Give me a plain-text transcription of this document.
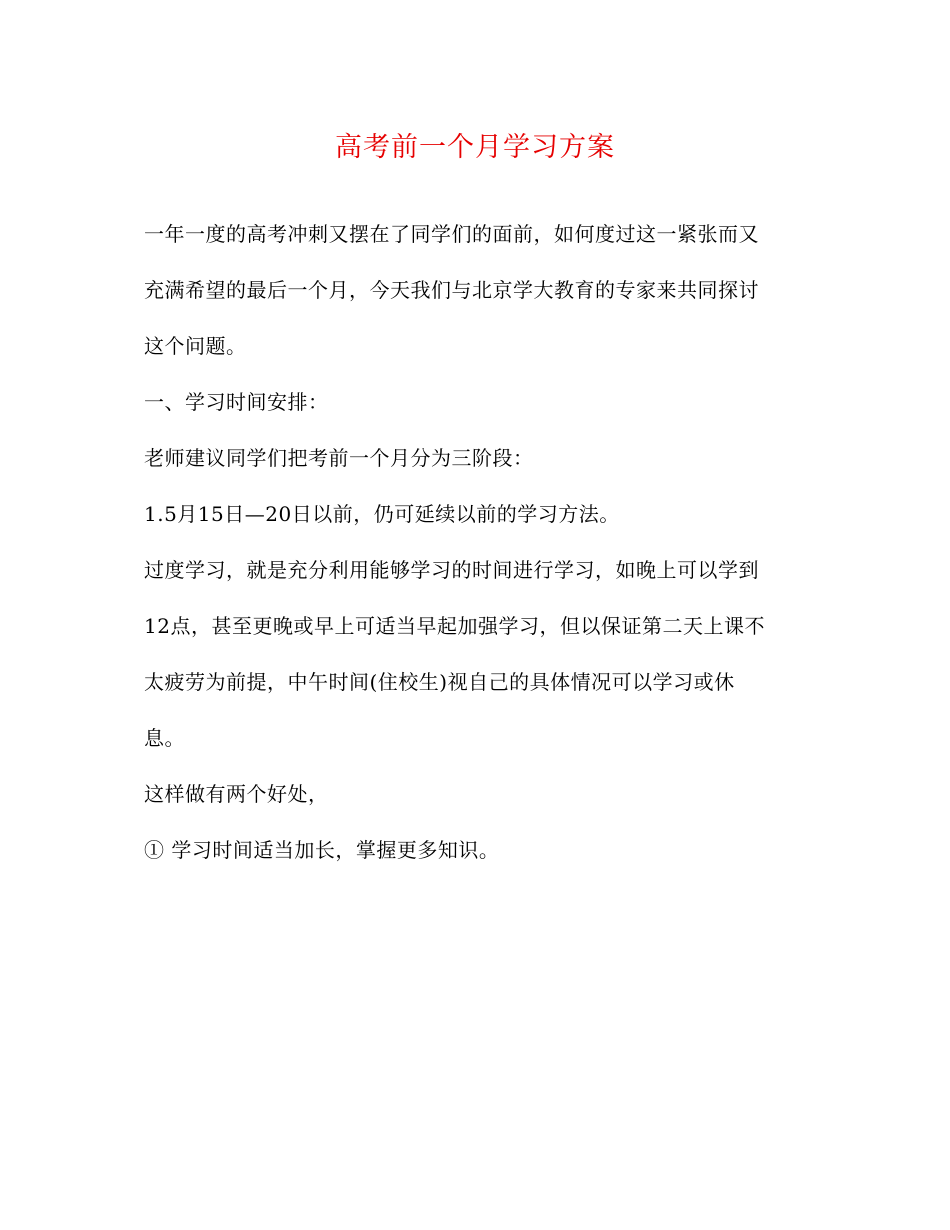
高考前一个月学习方案

一年一度的高考冲刺又摆在了同学们的面前，如何度过这一紧张而又

充满希望的最后一个月，今天我们与北京学大教育的专家来共同探讨

这个问题。

一、学习时间安排：

老师建议同学们把考前一个月分为三阶段：

1.5月15日—20日以前，仍可延续以前的学习方法。

过度学习，就是充分利用能够学习的时间进行学习，如晚上可以学到

12点，甚至更晚或早上可适当早起加强学习，但以保证第二天上课不

太疲劳为前提，中午时间(住校生)视自己的具体情况可以学习或休

息。

这样做有两个好处，

① 学习时间适当加长，掌握更多知识。
